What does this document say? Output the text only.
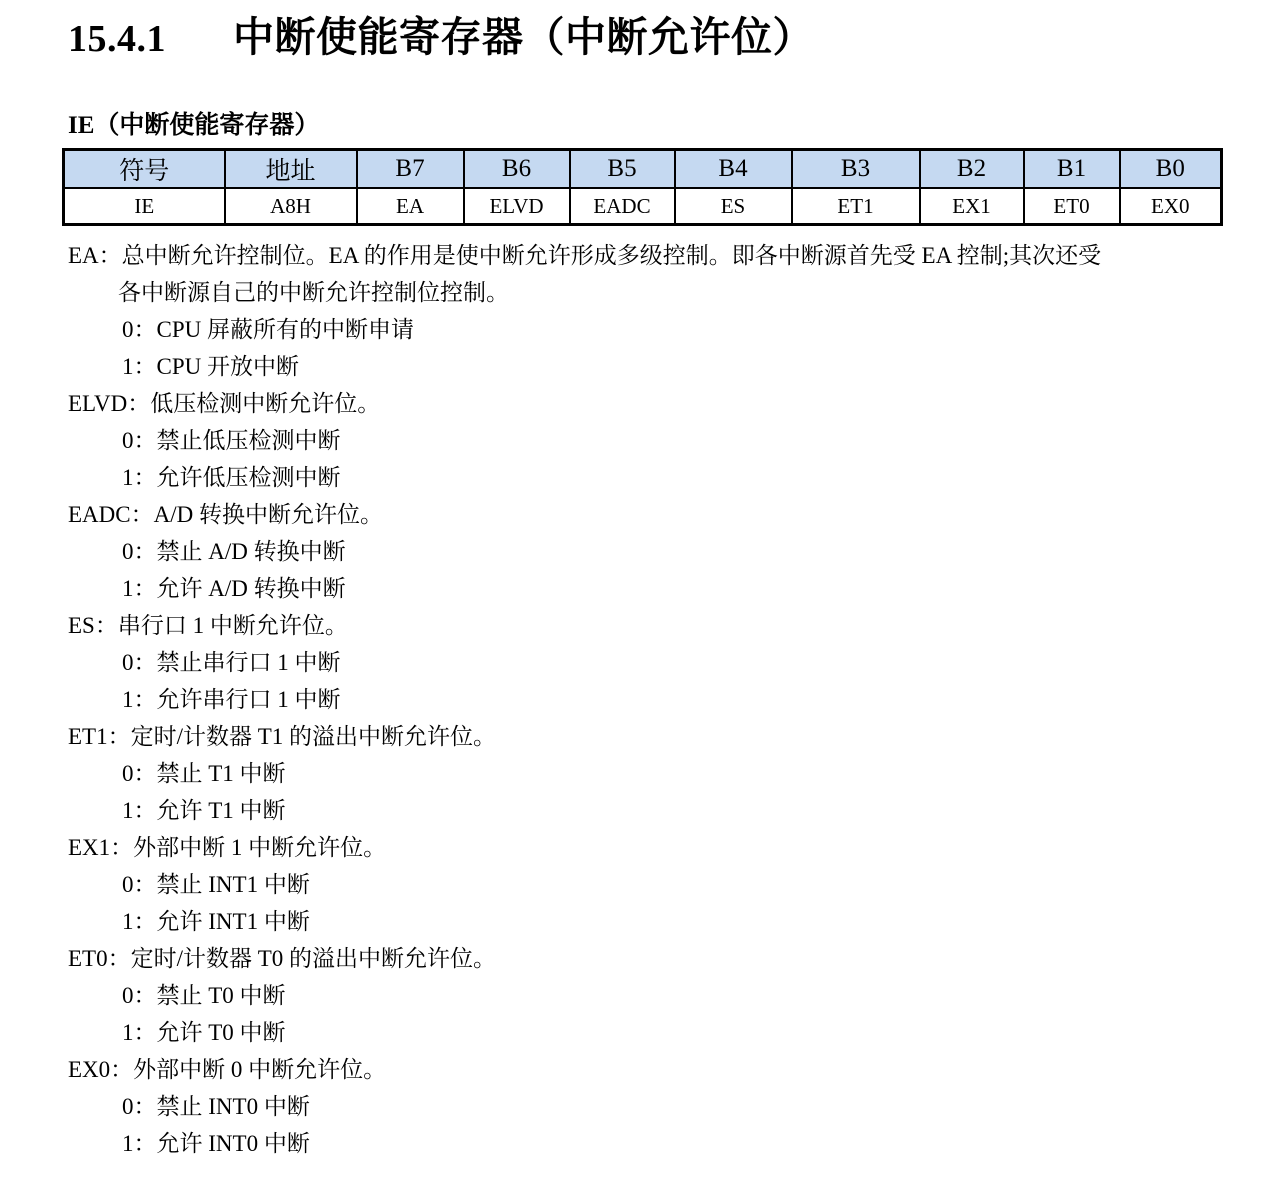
15.4.1	中断使能寄存器（中断允许位）
IE（中断使能寄存器）
符号	地址	B7	B6	B5	B4	B3	B2	B1	B0
IE	A8H	EA	ELVD	EADC	ES	ET1	EX1	ET0	EX0
EA：总中断允许控制位。EA 的作用是使中断允许形成多级控制。即各中断源首先受 EA 控制;其次还受
各中断源自己的中断允许控制位控制。
0：CPU 屏蔽所有的中断申请
1：CPU 开放中断
ELVD：低压检测中断允许位。
0：禁止低压检测中断
1：允许低压检测中断
EADC：A/D 转换中断允许位。
0：禁止 A/D 转换中断
1：允许 A/D 转换中断
ES：串行口 1 中断允许位。
0：禁止串行口 1 中断
1：允许串行口 1 中断
ET1：定时/计数器 T1 的溢出中断允许位。
0：禁止 T1 中断
1：允许 T1 中断
EX1：外部中断 1 中断允许位。
0：禁止 INT1 中断
1：允许 INT1 中断
ET0：定时/计数器 T0 的溢出中断允许位。
0：禁止 T0 中断
1：允许 T0 中断
EX0：外部中断 0 中断允许位。
0：禁止 INT0 中断
1：允许 INT0 中断
